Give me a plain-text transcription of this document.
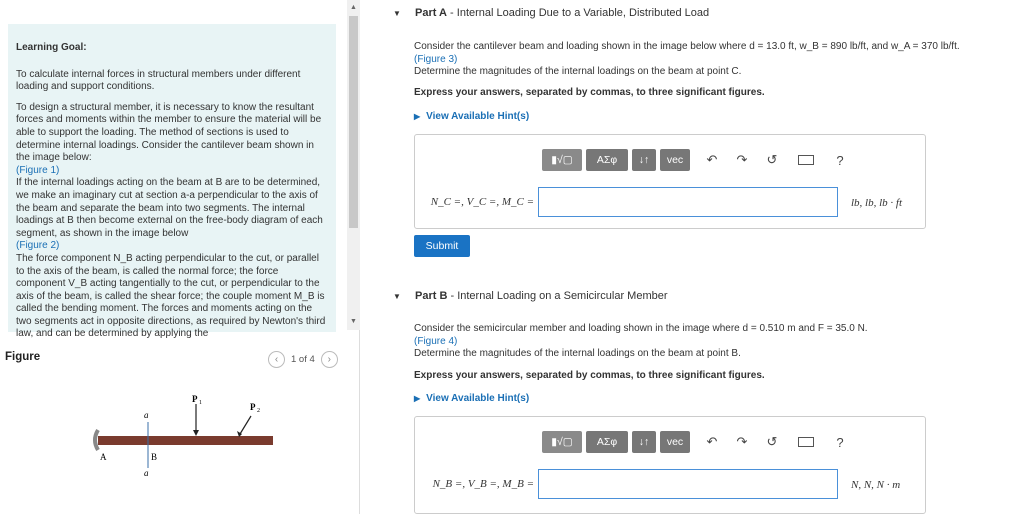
Learning Goal:

To calculate internal forces in structural members under different loading and support conditions.

To design a structural member, it is necessary to know the resultant forces and moments within the member to ensure the material will be able to support the loading. The method of sections is used to determine internal loadings. Consider the cantilever beam shown in the image below:
(Figure 1)
If the internal loadings acting on the beam at B are to be determined, we make an imaginary cut at section a-a perpendicular to the axis of the beam and separate the beam into two segments. The internal loadings at B then become external on the free-body diagram of each segment, as shown in the image below
(Figure 2)
The force component N_B acting perpendicular to the cut, or parallel to the axis of the beam, is called the normal force; the force component V_B acting tangentially to the cut, or perpendicular to the axis of the beam, is called the shear force; the couple moment M_B is called the bending moment. The forces and moments acting on the two segments act in opposite directions, as required by Newton's third law, and can be determined by applying the

▲
▼
Figure	‹ 1 of 4 ›
a
a
A	B
P 1	P 2
▼ Part A - Internal Loading Due to a Variable, Distributed Load
Consider the cantilever beam and loading shown in the image below where d = 13.0 ft, w_B = 890 lb/ft, and w_A = 370 lb/ft.
(Figure 3)
Determine the magnitudes of the internal loadings on the beam at point C.
Express your answers, separated by commas, to three significant figures.
▶ View Available Hint(s)
▮√▢	ΑΣφ	↓↑	vec	↶	↷	↺	?
N_C =, V_C =, M_C =	lb, lb, lb · ft
Submit
▼ Part B - Internal Loading on a Semicircular Member
Consider the semicircular member and loading shown in the image where d = 0.510 m and F = 35.0 N.
(Figure 4)
Determine the magnitudes of the internal loadings on the beam at point B.
Express your answers, separated by commas, to three significant figures.
▶ View Available Hint(s)
▮√▢	ΑΣφ	↓↑	vec	↶	↷	↺	?
N_B =, V_B =, M_B =	N, N, N · m
